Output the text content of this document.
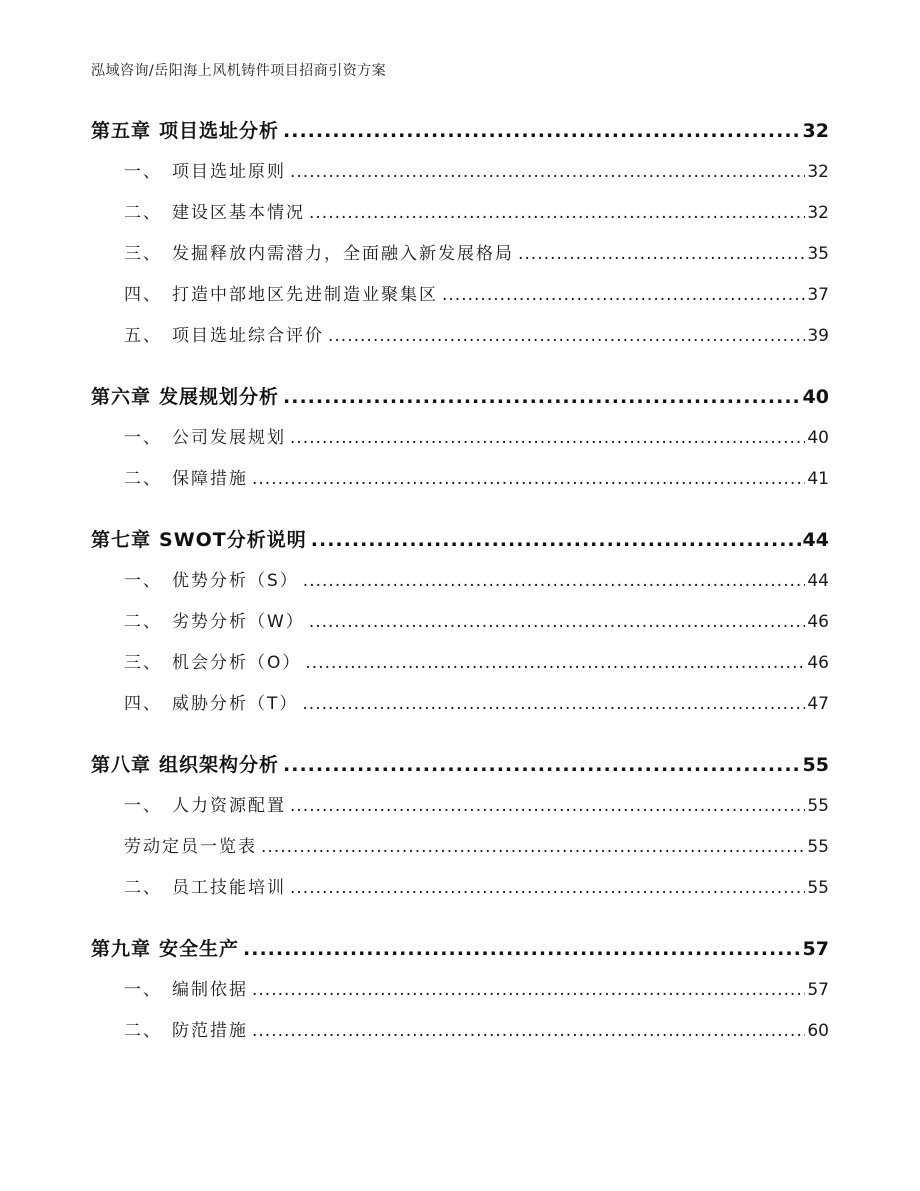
泓域咨询/岳阳海上风机铸件项目招商引资方案
第五章 项目选址分析 .....	32
一、 项目选址原则 .....	32
二、 建设区基本情况 .....	32
三、 发掘释放内需潜力，全面融入新发展格局 .....	35
四、 打造中部地区先进制造业聚集区 .....	37
五、 项目选址综合评价 .....	39
第六章 发展规划分析 .....	40
一、 公司发展规划 .....	40
二、 保障措施 .....	41
第七章 SWOT分析说明 .....	44
一、 优势分析（S） .....	44
二、 劣势分析（W） .....	46
三、 机会分析（O） .....	46
四、 威胁分析（T） .....	47
第八章 组织架构分析 .....	55
一、 人力资源配置 .....	55
劳动定员一览表 .....	55
二、 员工技能培训 .....	55
第九章 安全生产 .....	57
一、 编制依据 .....	57
二、 防范措施 .....	60
